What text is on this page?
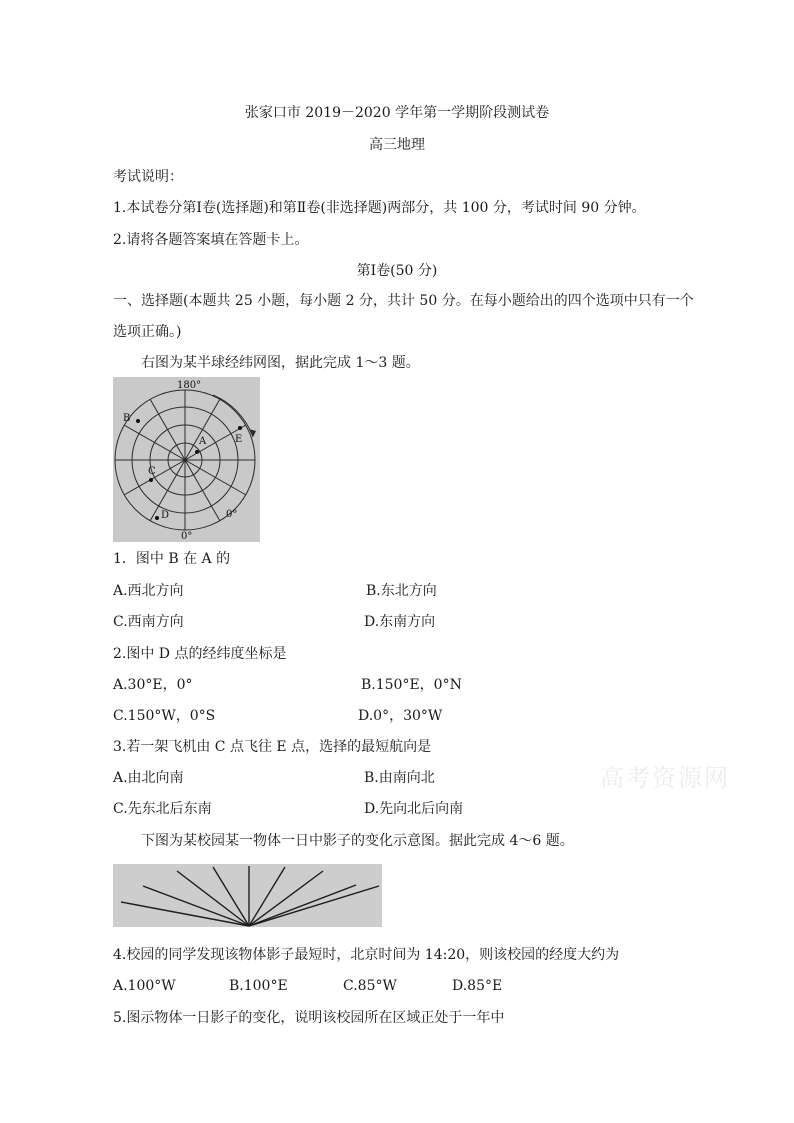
张家口市 2019－2020 学年第一学期阶段测试卷
高三地理
考试说明：
1.本试卷分第Ⅰ卷(选择题)和第Ⅱ卷(非选择题)两部分，共 100 分，考试时间 90 分钟。
2.请将各题答案填在答题卡上。
第Ⅰ卷(50 分)
一、选择题(本题共 25 小题，每小题 2 分，共计 50 分。在每小题给出的四个选项中只有一个
选项正确。)
右图为某半球经纬网图，据此完成 1～3 题。
180°
A
B
C
D
E
0°
0°
1．图中 B 在 A 的
A.西北方向	B.东北方向
C.西南方向	D.东南方向
2.图中 D 点的经纬度坐标是
A.30°E，0°	B.150°E，0°N
C.150°W，0°S	D.0°，30°W
3.若一架飞机由 C 点飞往 E 点，选择的最短航向是
A.由北向南	B.由南向北
C.先东北后东南	D.先向北后向南
高考资源网
下图为某校园某一物体一日中影子的变化示意图。据此完成 4～6 题。
4.校园的同学发现该物体影子最短时，北京时间为 14:20，则该校园的经度大约为
A.100°W	B.100°E	C.85°W	D.85°E
5.图示物体一日影子的变化，说明该校园所在区域正处于一年中
